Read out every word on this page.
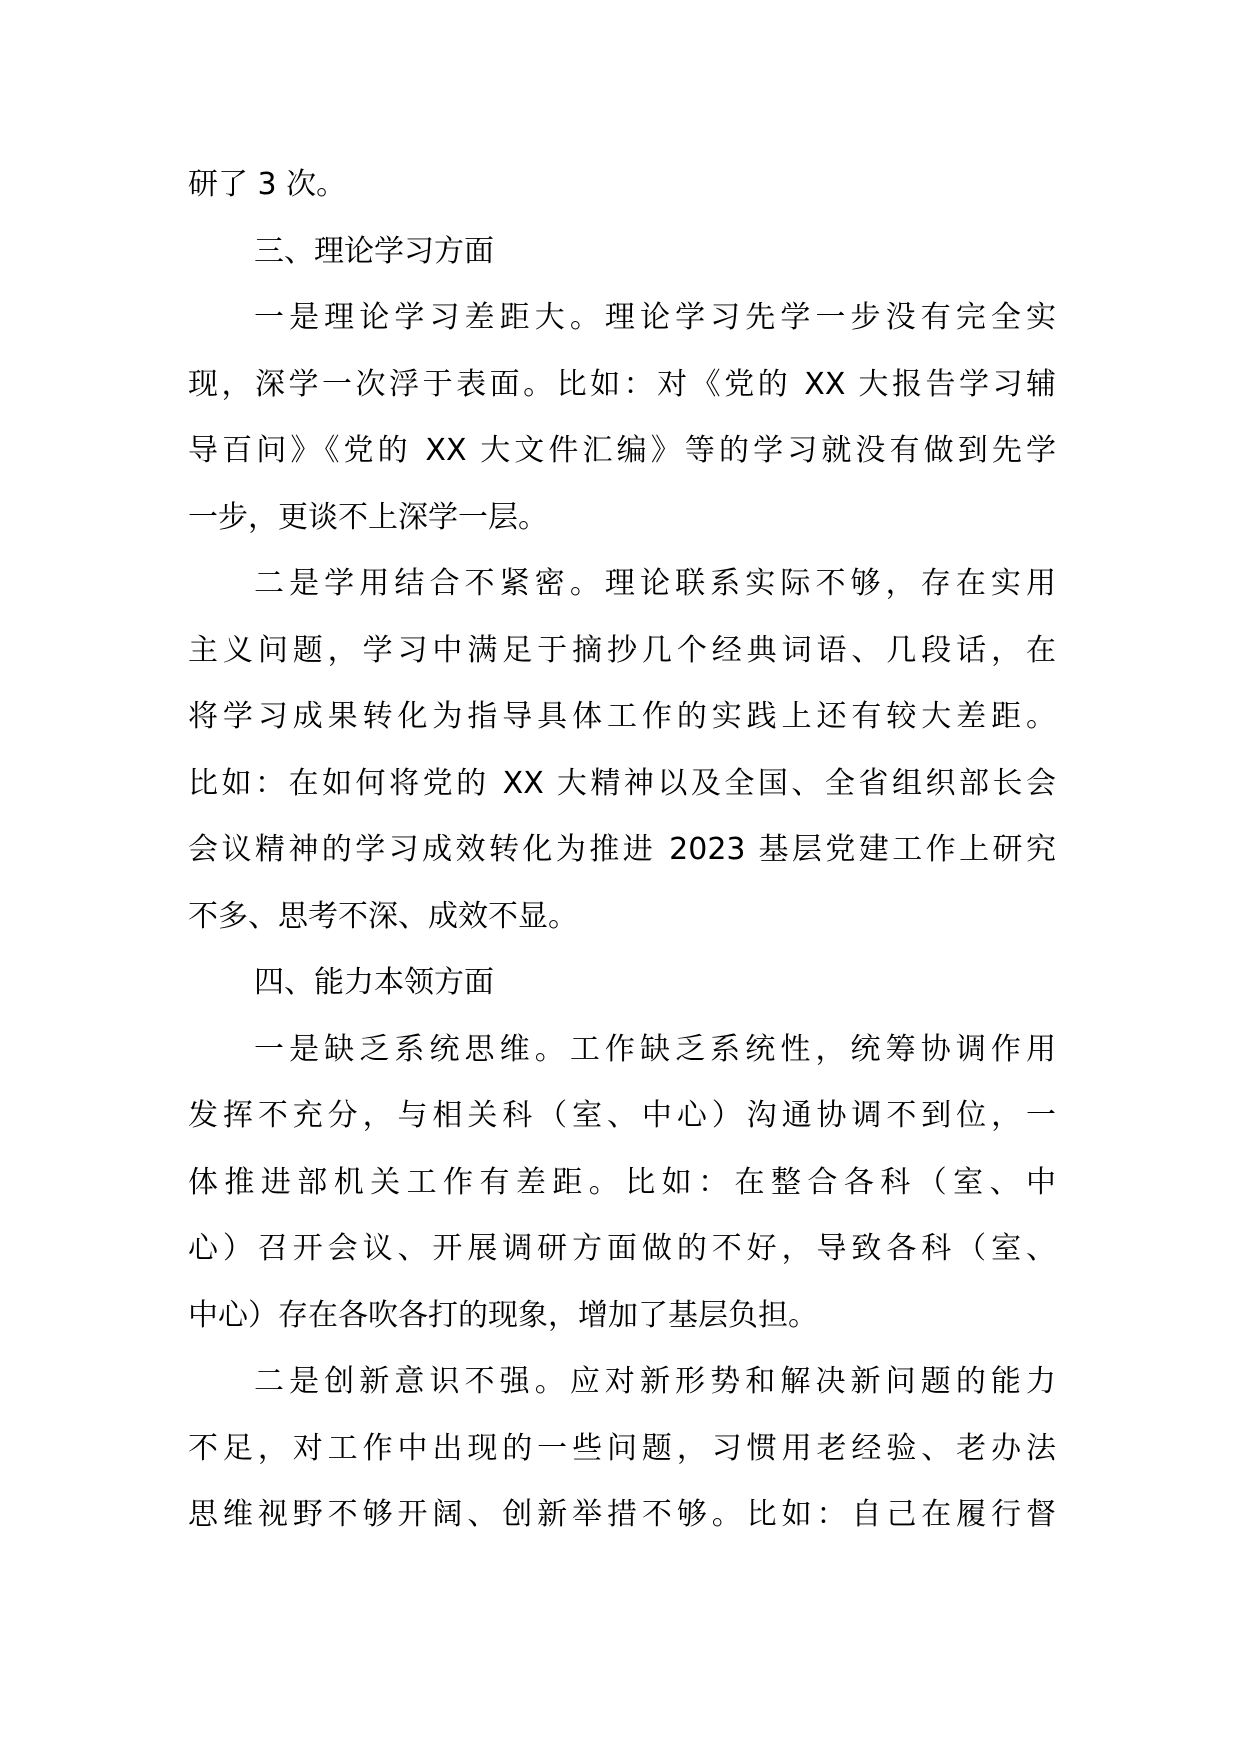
研了 3 次。
三、理论学习方面
一是理论学习差距大。理论学习先学一步没有完全实
现，深学一次浮于表面。比如：对《党的 XX 大报告学习辅
导百问》《党的 XX 大文件汇编》等的学习就没有做到先学
一步，更谈不上深学一层。
二是学用结合不紧密。理论联系实际不够，存在实用
主义问题，学习中满足于摘抄几个经典词语、几段话，在
将学习成果转化为指导具体工作的实践上还有较大差距。
比如：在如何将党的 XX 大精神以及全国、全省组织部长会
会议精神的学习成效转化为推进 2023 基层党建工作上研究
不多、思考不深、成效不显。
四、能力本领方面
一是缺乏系统思维。工作缺乏系统性，统筹协调作用
发挥不充分，与相关科（室、中心）沟通协调不到位，一
体推进部机关工作有差距。比如：在整合各科（室、中
心）召开会议、开展调研方面做的不好，导致各科（室、
中心）存在各吹各打的现象，增加了基层负担。
二是创新意识不强。应对新形势和解决新问题的能力
不足，对工作中出现的一些问题，习惯用老经验、老办法
思维视野不够开阔、创新举措不够。比如：自己在履行督
